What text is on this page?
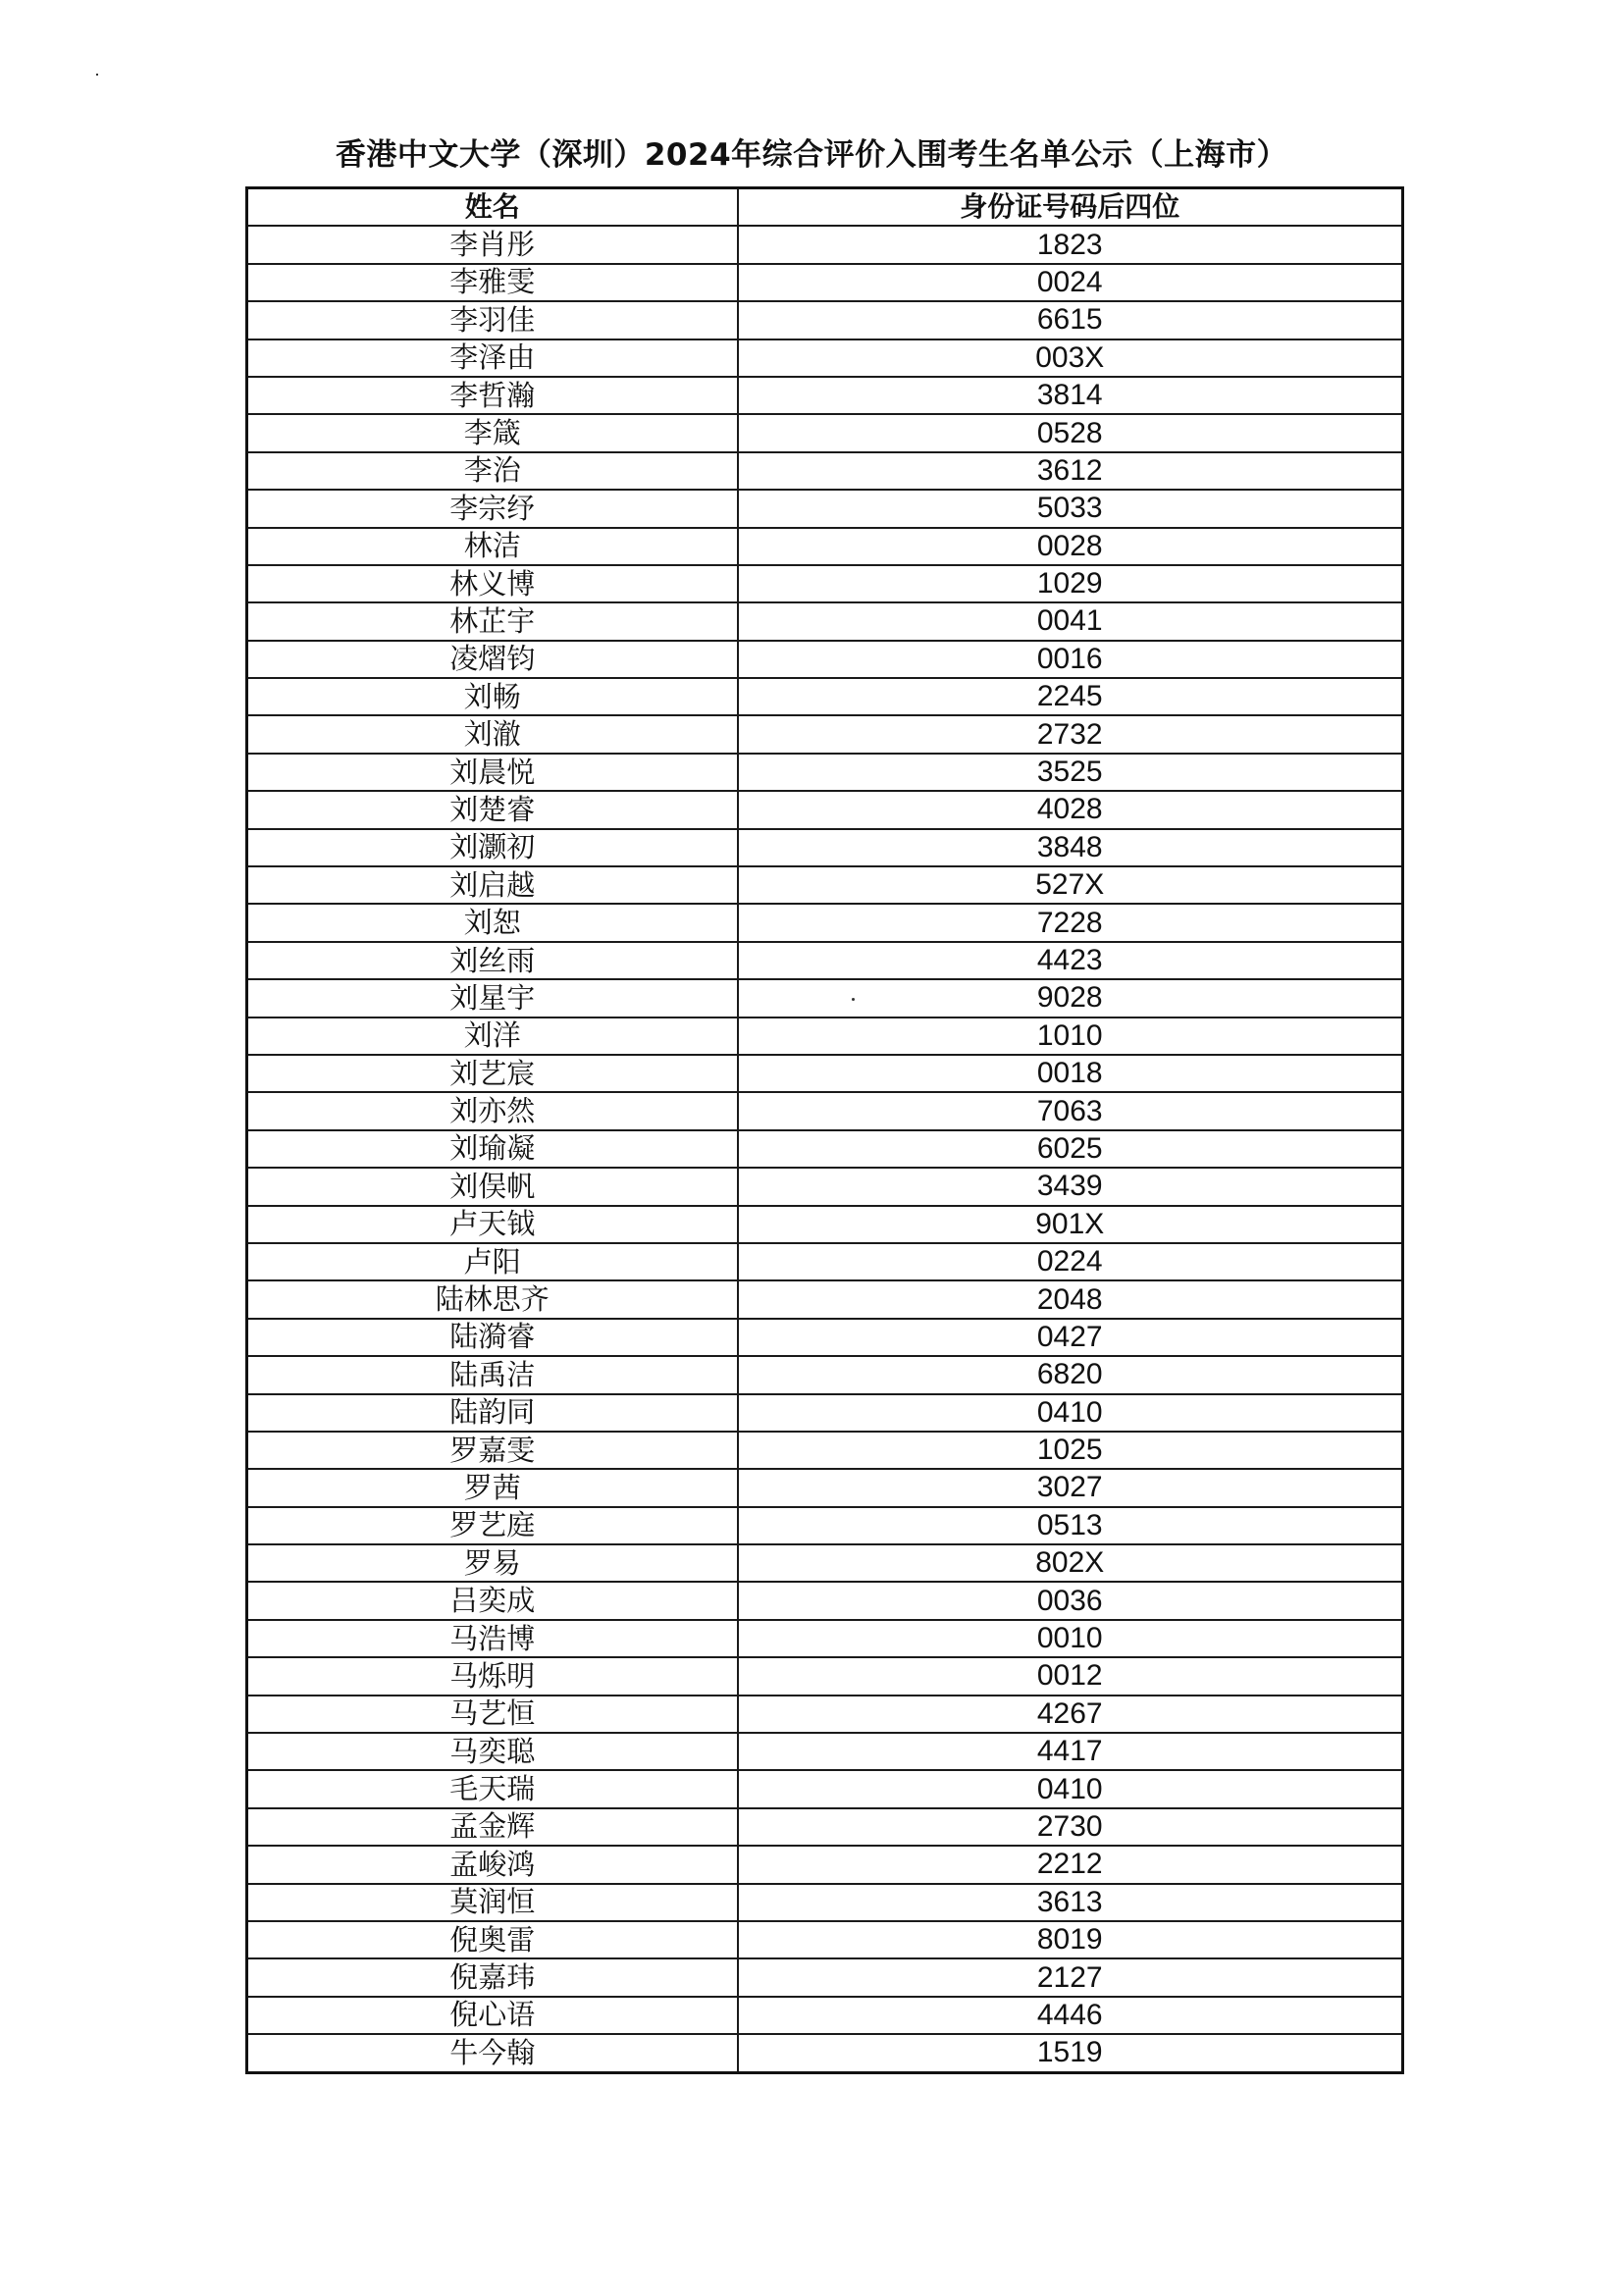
香港中文大学（深圳）2024年综合评价入围考生名单公示（上海市）
姓名	身份证号码后四位
李肖彤	1823
李雅雯	0024
李羽佳	6615
李泽由	003X
李哲瀚	3814
李箴	0528
李治	3612
李宗纾	5033
林洁	0028
林义博	1029
林芷宇	0041
凌熠钧	0016
刘畅	2245
刘澈	2732
刘晨悦	3525
刘楚睿	4028
刘灏初	3848
刘启越	527X
刘恕	7228
刘丝雨	4423
刘星宇	9028
刘洋	1010
刘艺宸	0018
刘亦然	7063
刘瑜凝	6025
刘俣帆	3439
卢天钺	901X
卢阳	0224
陆林思齐	2048
陆漪睿	0427
陆禹洁	6820
陆韵同	0410
罗嘉雯	1025
罗茜	3027
罗艺庭	0513
罗易	802X
吕奕成	0036
马浩博	0010
马烁明	0012
马艺恒	4267
马奕聪	4417
毛天瑞	0410
孟金辉	2730
孟峻鸿	2212
莫润恒	3613
倪奥雷	8019
倪嘉玮	2127
倪心语	4446
牛今翰	1519
